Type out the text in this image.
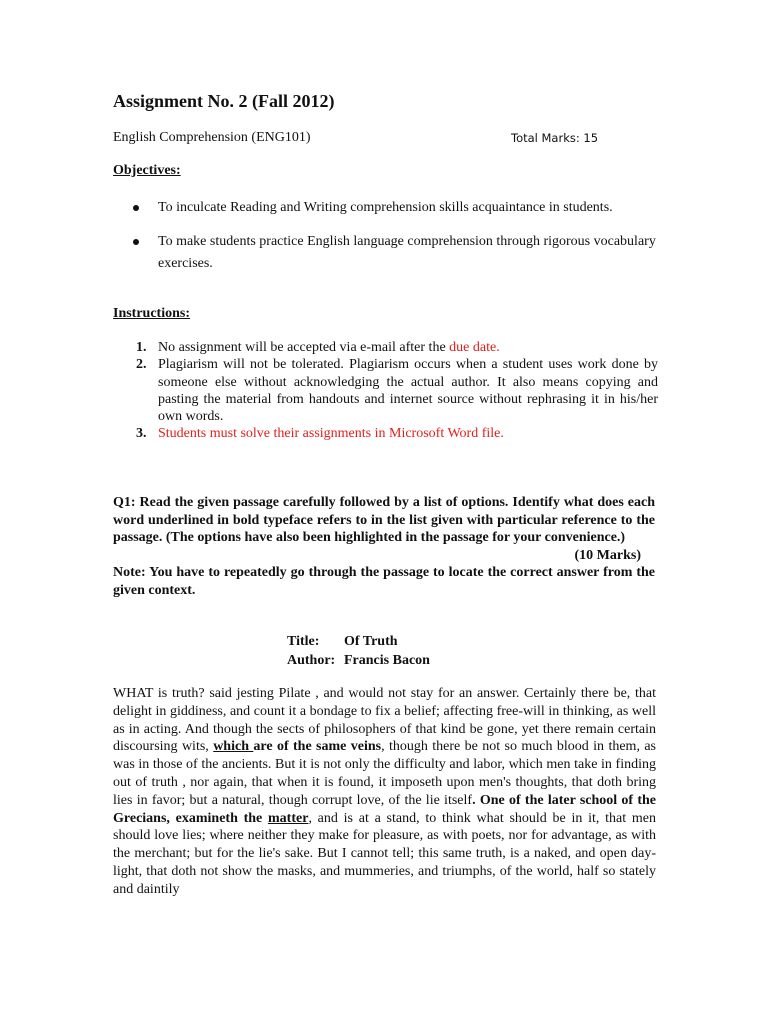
Assignment No. 2 (Fall 2012)
English Comprehension (ENG101)	Total Marks: 15
Objectives:
To inculcate Reading and Writing comprehension skills acquaintance in students.
To make students practice English language comprehension through rigorous vocabulary exercises.
Instructions:
1. No assignment will be accepted via e-mail after the due date.
2. Plagiarism will not be tolerated. Plagiarism occurs when a student uses work done by someone else without acknowledging the actual author. It also means copying and pasting the material from handouts and internet source without rephrasing it in his/her own words.
3. Students must solve their assignments in Microsoft Word file.

Q1: Read the given passage carefully followed by a list of options. Identify what does each word underlined in bold typeface refers to in the list given with particular reference to the passage. (The options have also been highlighted in the passage for your convenience.)

(10 Marks)

Note: You have to repeatedly go through the passage to locate the correct answer from the given context.

Title: Of Truth
Author: Francis Bacon

WHAT is truth? said jesting Pilate , and would not stay for an answer. Certainly there be, that delight in giddiness, and count it a bondage to fix a belief; affecting free-will in thinking, as well as in acting. And though the sects of philosophers of that kind be gone, yet there remain certain discoursing wits, which are of the same veins, though there be not so much blood in them, as was in those of the ancients. But it is not only the difficulty and labor, which men take in finding out of truth , nor again, that when it is found, it imposeth upon men's thoughts, that doth bring lies in favor; but a natural, though corrupt love, of the lie itself. One of the later school of the Grecians, examineth the matter, and is at a stand, to think what should be in it, that men should love lies; where neither they make for pleasure, as with poets, nor for advantage, as with the merchant; but for the lie's sake. But I cannot tell; this same truth, is a naked, and open day-light, that doth not show the masks, and mummeries, and triumphs, of the world, half so stately and daintily
